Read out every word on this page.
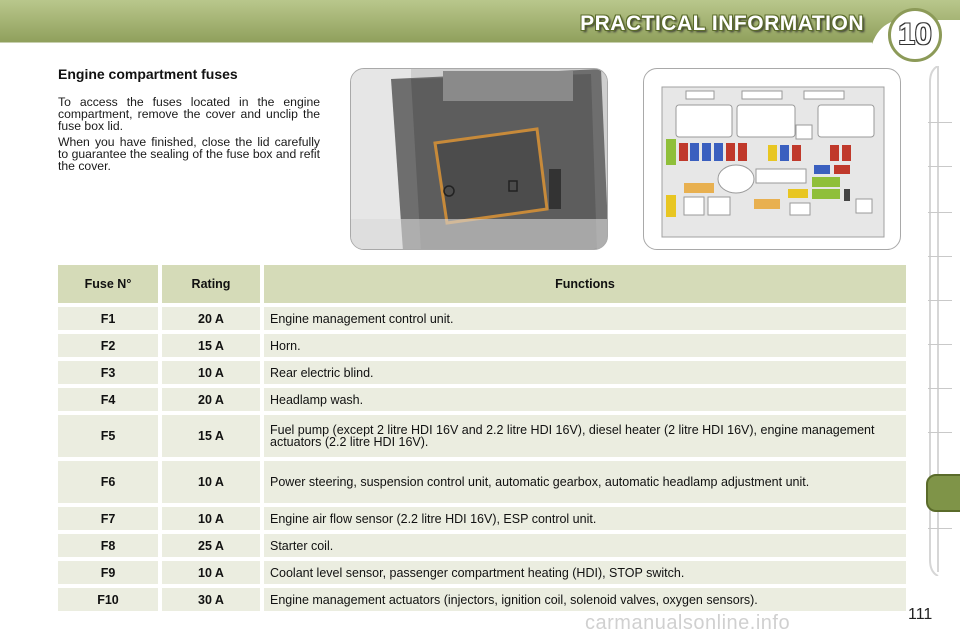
PRACTICAL INFORMATION	10
Engine compartment fuses
To access the fuses located in the engine compartment, remove the cover and unclip the fuse box lid.
When you have finished, close the lid carefully to guarantee the sealing of the fuse box and refit the cover.
Fuse N°	Rating	Functions
F1	20 A	Engine management control unit.
F2	15 A	Horn.
F3	10 A	Rear electric blind.
F4	20 A	Headlamp wash.
F5	15 A	Fuel pump (except 2 litre HDI 16V and 2.2 litre HDI 16V), diesel heater (2 litre HDI 16V), engine management actuators (2.2 litre HDI 16V).
F6	10 A	Power steering, suspension control unit, automatic gearbox, automatic headlamp adjustment unit.
F7	10 A	Engine air flow sensor (2.2 litre HDI 16V), ESP control unit.
F8	25 A	Starter coil.
F9	10 A	Coolant level sensor, passenger compartment heating (HDI), STOP switch.
F10	30 A	Engine management actuators (injectors, ignition coil, solenoid valves, oxygen sensors).
carmanualsonline.info	111
